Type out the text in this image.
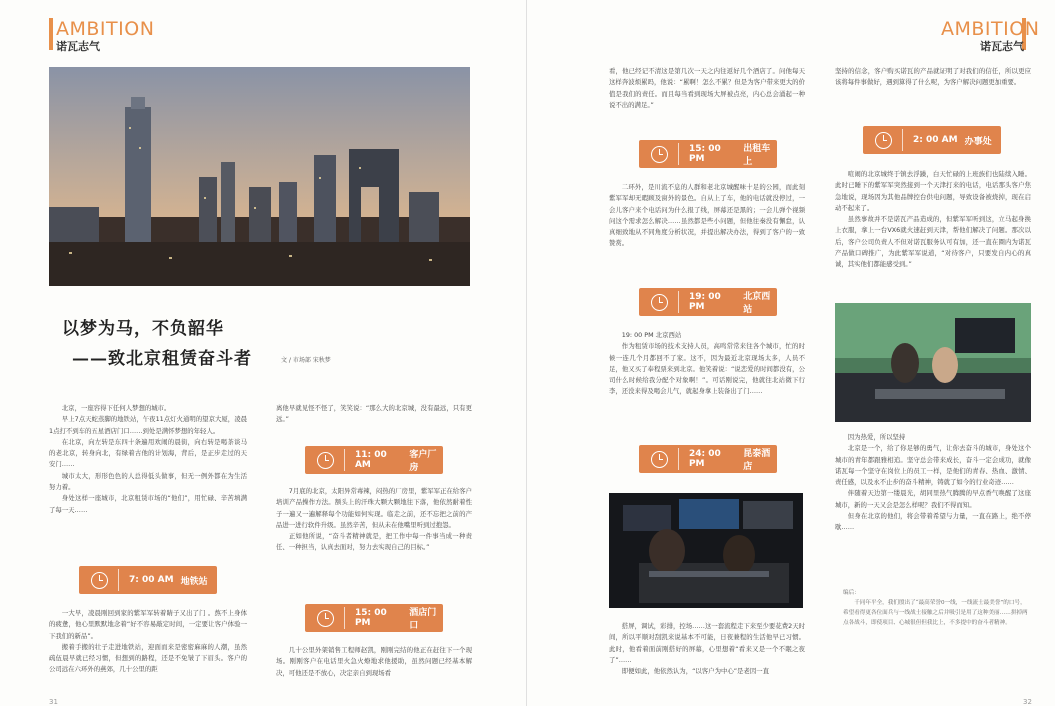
AMBITION
诺瓦志气
以梦为马，不负韶华
——致北京租赁奋斗者	文 / 市场部 宋秋梦

北京，一座容得下任何人梦想的城市。

早上7点天蛇蒸脚的地铁站，午夜11点灯火通明的望京大厦，凌晨1点打不到车的五星酒店门口……到处是满怀梦想的年轻人。

在北京，向左转是东四十条遍用欢闹的晨街，向右转是喝茶谈马的老北京，转身向北，有绿着古他的计划海，背后，是正步走过的天安门……

城市太大，形形色色的人总得低头做事，但无一例外都在为生活努力着。

身处这样一座城市，北京租赁市场的“他们”，用忙碌、辛苦填满了每一天……

7: 00 AM 地铁站

一大早，凌晨刚回到家的紫军军转着睛子又出了门 。熬不上身体的疲惫，他心里默默地念着“好不容易敲定时间，一定要让客户体验一下我们的新品”。

搬着手搬的壮子走进地铁站，迎面而来是密密麻麻的人潮，虽然疏伍晨早就已经习惯，但想到的路程，还是不免皱了下眉头。客户的公司远在六环外的燕郊，几十公里的距

离他早就见怪不怪了，笑笑说：“那么大的北京城，没有最远，只有更远。”

11: 00 AM
客户厂房

7月底的北京，太阳异常毒辣，闷热的厂房里，紫军军正在给客户培训产品操作方法。额头上的汗珠大颗大颗地往下落，他依然耐着性子一遍又一遍解释每个功能如何实现。临走之前，还不忘把之前的产品进一进行软件升级。虽然辛苦，但从未在他嘴里听到过抱怨。

正如他所说，“奋斗者精神就是，把工作中每一件事当成一种责任、一种担当，认真去面对，努力去实现自己的目标。”

15: 00 PM
酒店门口

几十公里外架销售工程师赵凯，刚刚完结的他正在赶往下一个现场。刚刚客户在电话里火急火燎地求他援助，虽然问题已经基本解决，可他还是不放心，决定亲自到现场看

31
AMBITION
诺瓦志气

看，他已经记不清这是第几次一天之内往返好几个酒店了。问他每天这样奔波烦累吗，他说：“累啊！怎么不累？但是为客户带来更大的价值是我们的责任。而且每当看到现场大屏被点亮，内心总会涌起一种说不出的满足。”

15: 00 PM
出租车上

二环外，是川流不息的人群和老北京城醒味十足的公园，而此刻紫军军却无暇顾及窗外的景色。自从上了车，他的电话就没停过，一会儿客户来个电话问为什么报了线，屏幕还是黑的；一会儿弹个视频问这个需求怎么解决……虽然都是些小问题，但他往秦没有懈怠，认真细致地从不同角度分析状况，并提出解决办法，得到了客户的一致赞赏。

19: 00 PM
北京西站

19: 00 PM 北京西站

作为租赁市场的技术支持人员，高鸣常常来往各个城市，忙的时候一连几个月都回不了家。这不，因为最近北京现场太多，人员不足，他又买了奉程票来到北京。他笑着说：“说恋爱的时间都没有，公司什么时候给我分配个对象啊！”。可话刚说完，他就往北站微下行李，还没来得及喝会儿气，就起身拿上装备出了门……

24: 00 PM
昆泰酒店

搭屏，调试，彩排，控场……这一套流程走下来至少要花费2天时间，所以平顺对刮凯来说基本不可能，日夜兼程的生活他早已习惯。此时，他看着面前刚搭好的屏幕，心里想着“看来又是一个不眠之夜了”……

即便如此，他依然认为，“以客户为中心”是老因一直

坚持的信念，客户购买诺瓦的产品就证明了对我们的信任，所以更应该将每件事做好，遇到算得了什么呢，为客户解决问题更加重要。

2: 00 AM 办事处

喧闹的北京城终于镇去浮躁，白天忙碌的上班族们也陆续入睡。此时已睡下的紫军军突然接到一个天津打来的电话，电话那头客户焦急地说，现场因为其他品牌控台供电问题，导致设备被烧掉，现在启动不起来了。

虽然事故并不是诺瓦产品造成的，但紫军军听到这，立马起身换上衣服，拿上一台VX6就火速赶到天津，帮他们解决了问题。那次以后，客户公司负责人不但对诺瓦服务认可有加，还一直在圈内为诺瓦产品做口碑推广，为此紫军军说道，“对待客户，只要发自内心的真诚，其实他们都能感受到。”

因为热爱，所以坚持

北京是一个，给了你足够的勇气，让你去奋斗的城市，身处这个城市的青年都跟雅相追。坚守总会带来成长，奋斗一定会成功，就像诺瓦每一个坚守在岗位上的员工一样，是他们的青春、热血、激情、责任感，以及永不止步的奋斗精神，铸就了如今的行业奇迹……

伴随着天边第一缕晨光，胡同里热气腾腾的早点香气唤醒了这座城市，新的一天又会是怎么样呢？我们不得而知。

但身在北京的他们，将会带着希望与力量，一直在路上，绝不停歇……

编后：
千同年平全，我们殷出了“最高荣誉0一线，一线流士最美誉”的口号，希望看得更各位面兵与一线战士接触之后并吸引是用了这种美丽……拼掉两点各战斗，即使项目、心城很但但我比上，不多提中的奋斗者精神。
32
